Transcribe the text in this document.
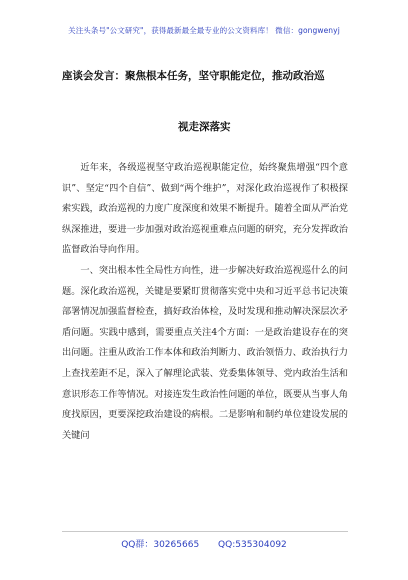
关注头条号"公文研究"，获得最新最全最专业的公文资料库！ 微信：gongwenyj
座谈会发言：聚焦根本任务，坚守职能定位，推动政治巡
视走深落实

近年来，各级巡视坚守政治巡视职能定位，始终聚焦增强“四个意识”、坚定“四个自信”、做到“两个维护”，对深化政治巡视作了积极探索实践，政治巡视的力度广度深度和效果不断提升。随着全面从严治党纵深推进，要进一步加强对政治巡视重难点问题的研究，充分发挥政治监督政治导向作用。

一、突出根本性全局性方向性，进一步解决好政治巡视巡什么的问题。深化政治巡视，关键是要紧盯贯彻落实党中央和习近平总书记决策部署情况加强监督检查，搞好政治体检，及时发现和推动解决深层次矛盾问题。实践中感到，需要重点关注4个方面：一是政治建设存在的突出问题。注重从政治工作本体和政治判断力、政治领悟力、政治执行力上查找差距不足，深入了解理论武装、党委集体领导、党内政治生活和意识形态工作等情况。对接连发生政治性问题的单位，既要从当事人角度找原因，更要深挖政治建设的病根。二是影响和制约单位建设发展的关键问

QQ群：30265665 QQ:535304092
